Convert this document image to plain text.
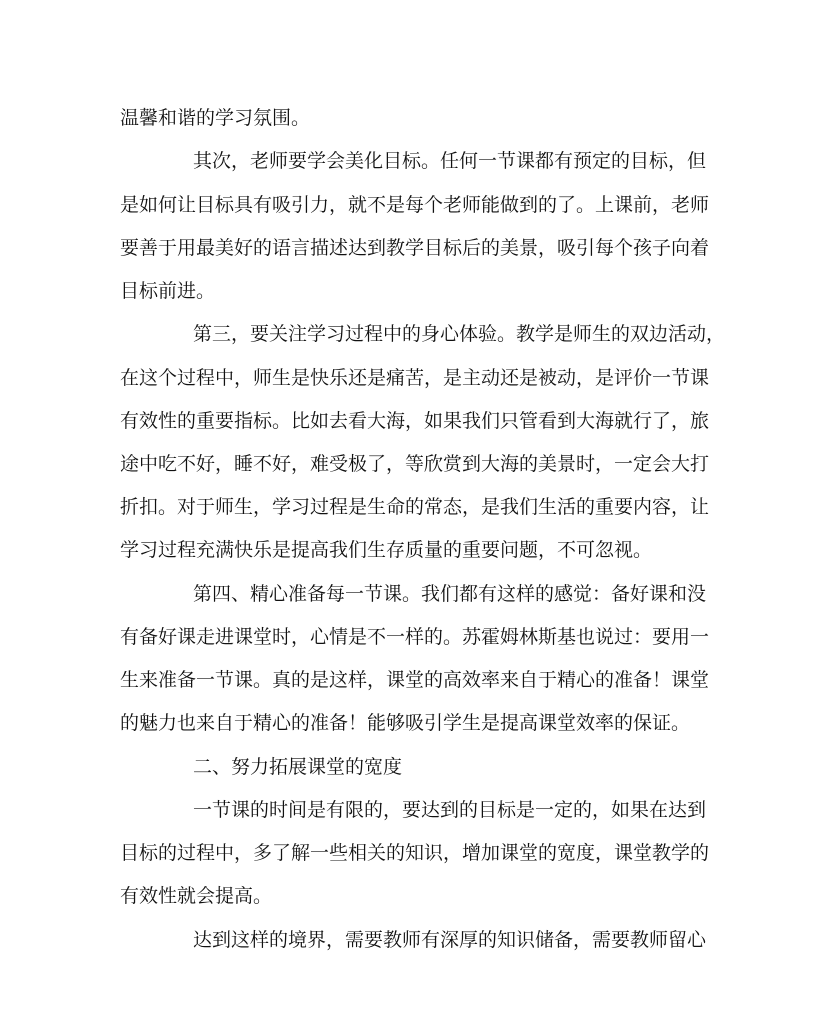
温馨和谐的学习氛围。
其次，老师要学会美化目标。任何一节课都有预定的目标，但
是如何让目标具有吸引力，就不是每个老师能做到的了。上课前，老师
要善于用最美好的语言描述达到教学目标后的美景，吸引每个孩子向着
目标前进。
第三，要关注学习过程中的身心体验。教学是师生的双边活动，
在这个过程中，师生是快乐还是痛苦，是主动还是被动，是评价一节课
有效性的重要指标。比如去看大海，如果我们只管看到大海就行了，旅
途中吃不好，睡不好，难受极了，等欣赏到大海的美景时，一定会大打
折扣。对于师生，学习过程是生命的常态，是我们生活的重要内容，让
学习过程充满快乐是提高我们生存质量的重要问题，不可忽视。
第四、精心准备每一节课。我们都有这样的感觉：备好课和没
有备好课走进课堂时，心情是不一样的。苏霍姆林斯基也说过：要用一
生来准备一节课。真的是这样，课堂的高效率来自于精心的准备！课堂
的魅力也来自于精心的准备！能够吸引学生是提高课堂效率的保证。
二、努力拓展课堂的宽度
一节课的时间是有限的，要达到的目标是一定的，如果在达到
目标的过程中，多了解一些相关的知识，增加课堂的宽度，课堂教学的
有效性就会提高。
达到这样的境界，需要教师有深厚的知识储备，需要教师留心
